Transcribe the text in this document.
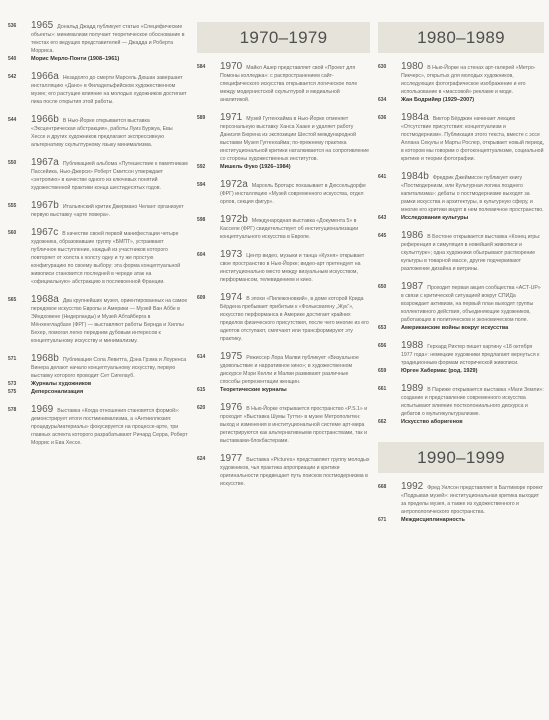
536 1965 Дональд Джадд публикует статью «Специфические объекты»: минимализм получает теоретическое обоснование в текстах его ведущих представителей — Джадда и Роберта Морриса.
540	Морис Мерло-Понти (1908–1961)
542 1966a Незадолго до смерти Марсель Дюшан завершает инсталляцию «Дано» в Филадельфийском художественном музее; его растущее влияние на молодых художников достигает пика после открытия этой работы.
544 1966b В Нью-Йорке открывается выставка «Эксцентрическая абстракция», работы Луиз Буржуа, Евы Хессе и других художников предлагают экспрессивную альтернативу скульптурному языку минимализма.
550 1967a Публикацией альбома «Путешествие к памятникам Пассейика, Нью-Джерси» Роберт Смитсон утверждает «энтропию» в качестве одного из ключевых понятий художественной практики конца шестидесятых годов.
555 1967b Итальянский критик Джермано Челант организует первую выставку «арте повера».
560 1967c В качестве своей первой манифестации четыре художника, образовавшие группу «БМПТ», устраивают публичное выступление, каждый из участников которого повторяет от холста к холсту одну и ту же простую конфигурацию по своему выбору: эта форма концептуальной живописи становится последней в череде атак на «официальную» абстракцию в послевоенной Франции.
565 1968a Два крупнейших музея, ориентированных на самое передовое искусство Европы и Америки — Музей Ван Аббе в Эйндховене (Нидерланды) и Музей Абтайберга в Мёнхенгладбахе (ФРГ) — выставляют работы Бернда и Хиллы Бехер, помогая легко передним дубовым интересов к концептуальному искусству и минимализму.
571 1968b Публикации Сола Левитта, Дэна Грэма и Лоуренса Винера делают начало концептуальному искусству, первую выставку которого проводит Сет Сигелауб.
573	Журналы художников
575	Деперсонализация
578 1969 Выставка «Когда отношения становятся формой»: демонстрирует итоги постминимализма, а «Антииллюзия: процедуры/материалы» фокусируется на процессе-арте, три главных аспекта которого разрабатывают Ричард Серра, Роберт Моррис и Ева Хессе.
1970–1979
584 1970 Майкл Ашер представляет свой «Проект для Помоны колледжа»: с распространением сайт-специфического искусства открывается логическое поле между модернистской скульптурой и медиальной аналитикой.
589 1971 Музей Гуггенхайма в Нью-Йорке отменяет персональную выставку Ханса Хааке и удаляет работу Даниэля Бюрена из экспозиции Шестой международной выставки Музея Гуггенхайма; по-прежнему практика институциональной критики наталкивается на сопротивление со стороны художественных институтов.
592	Мишель Фуко (1926–1984)
594 1972a Марсель Бротарс показывает в Дюссельдорфе (ФРГ) инсталляцию «Музей современного искусства, отдел орлов, секция фигур».
598 1972b Международная выставка «Документа 5» в Касселе (ФРГ) свидетельствует об институционализации концептуального искусства в Европе.
604 1973 Центр видео, музыки и танца «Кухня» открывает свое пространство в Нью-Йорке; видео-арт претендует на институционально место между визуальным искусством, перформансом, телевидением и кино.
609 1974 В эпохи «Пилежоновкий», в доме которой Крида Бёрдена пребывает прибитым к «Фольксвагену „Жук“», искусство перформанса в Америке достигает крайних пределов физического присутствия, после чего многие из его адептов отступают, смягчают или трансформируют эту практику.
614 1975 Режиссер Лора Малви публикует «Визуальное удовольствие и нарративное кино»; в художественном дискурсе Мэри Келли и Малви развивают различные способы репрезентации женщин.
615	Теоретические журналы
620 1976 В Нью-Йорке открывается пространство «P.S.1» и проходит «Выставка Шумы Тутти» в музее Метрополитен: выход и изменения в институциональной системе арт-мира регистрируются как альтернативными пространствами, так и выставками-блокбастерами.
624 1977 Выставка «Pictures» представляет группу молодых художников, чья практика апроприации и критики оригинальности предвещает путь поисков постмодернизма в искусстве.
1980–1989
630 1980 В Нью-Йорке на стенах арт-галерей «Метро-Пикчерс», открытых для молодых художников, исследующих фотографическое изображение и его использование в «массовой» рекламе и моде.
634	Жан Бодрийяр (1929–2007)
636 1984a Виктор Бёрджин начинает лекцию «Отсутствие присутствия: концептуализм и постмодернизм». Публикация этого текста, вместе с эссе Аллана Секулы и Марты Рослер, открывает новый период, в котором мы говорим о фотоконцептуализме, социальной критике и теории фотографии.
641 1984b Фредрик Джеймисон публикует книгу «Постмодернизм, или Культурная логика позднего капитализма»: дебаты о постмодернизме выходят за рамки искусства и архитектуры, в культурную сферу, и многие его критики видят в нем полемичное пространство.
643	Исследования культуры
645 1986 В Бостоне открывается выставка «Конец игры: референция и симуляция в новейшей живописи и скульптуре»; одна художники обыгрывают растворение культуры в товарной массе, другие подчеркивают разложение дизайна и витрины.
650 1987 Проходит первая акция сообщества «ACT-UP» в связи с критической ситуацией вокруг СПИДа возрождает активизм, на первый план выходят группы коллективного действия, объединяющие художников, работающих в политическом и экономическом поле.
653	Американские войны вокруг искусства
656 1988 Герхард Рихтер пишет картину «18 октября 1977 года»: немецкие художники предлагают вернуться к традиционным формам исторической живописи.
659	Юрген Хабермас (род. 1929)
661 1989 В Париже открывается выставка «Маги Земли»: создание и представление современного искусства испытывают влияние постколониального дискурса и дебатов о мультикультурализме.
662	Искусство аборигенов
1990–1999
668 1992 Фред Уилсон представляет в Балтиморе проект «Подрывая музей»: институциональная критика выходит за пределы музея, а также из художественного и антропологического пространства.
671	Междисциплинарность
